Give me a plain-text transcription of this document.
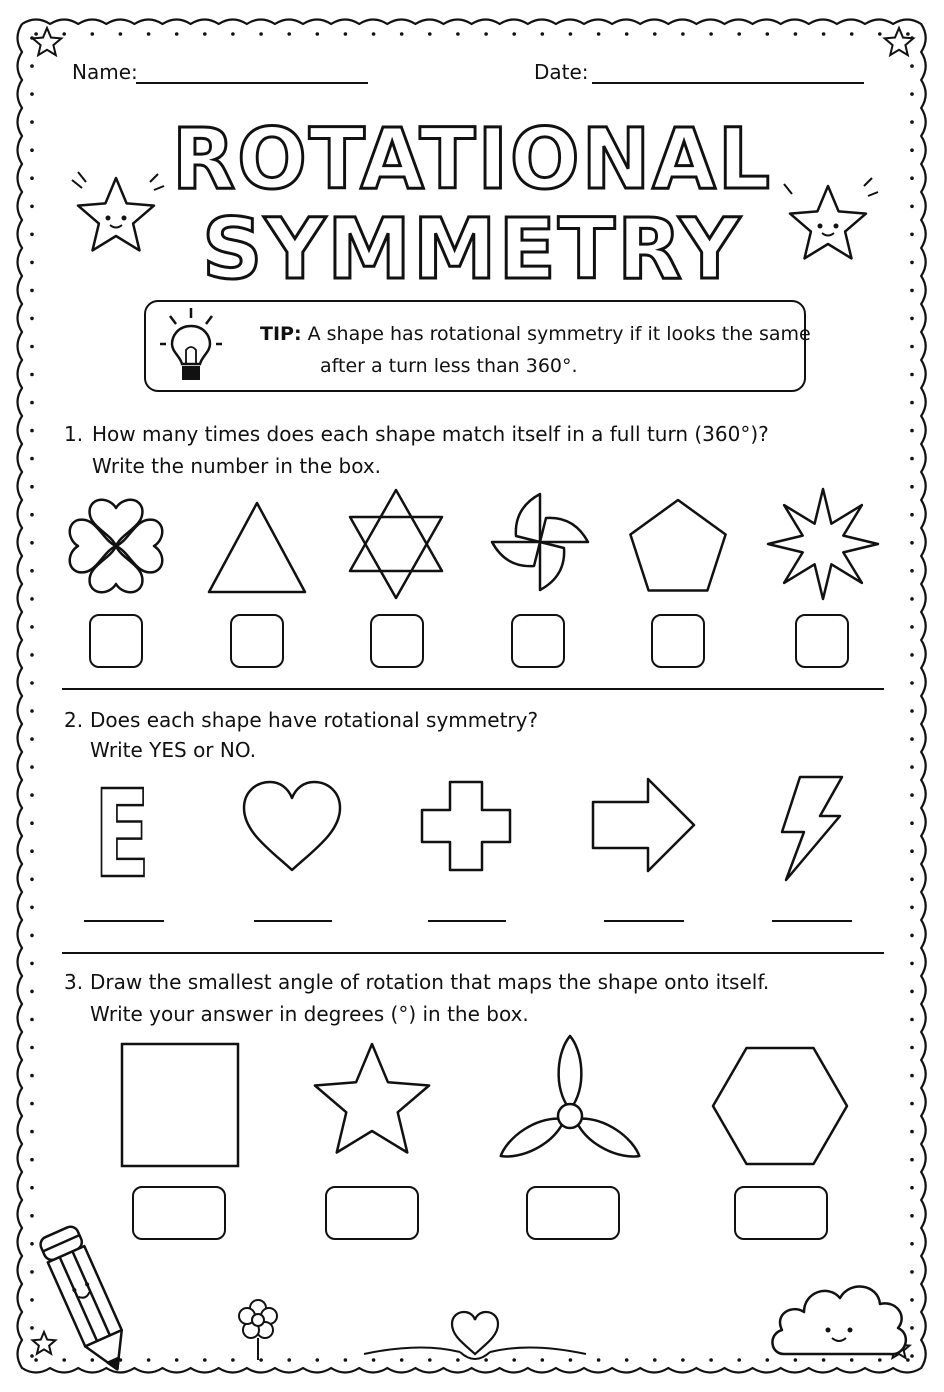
Name:	Date:
ROTATIONAL
SYMMETRY
TIP: A shape has rotational symmetry if it looks the same
after a turn less than 360°.
1. How many times does each shape match itself in a full turn (360°)?
Write the number in the box.
2. Does each shape have rotational symmetry?
Write YES or NO.
E
3. Draw the smallest angle of rotation that maps the shape onto itself.
Write your answer in degrees (°) in the box.
